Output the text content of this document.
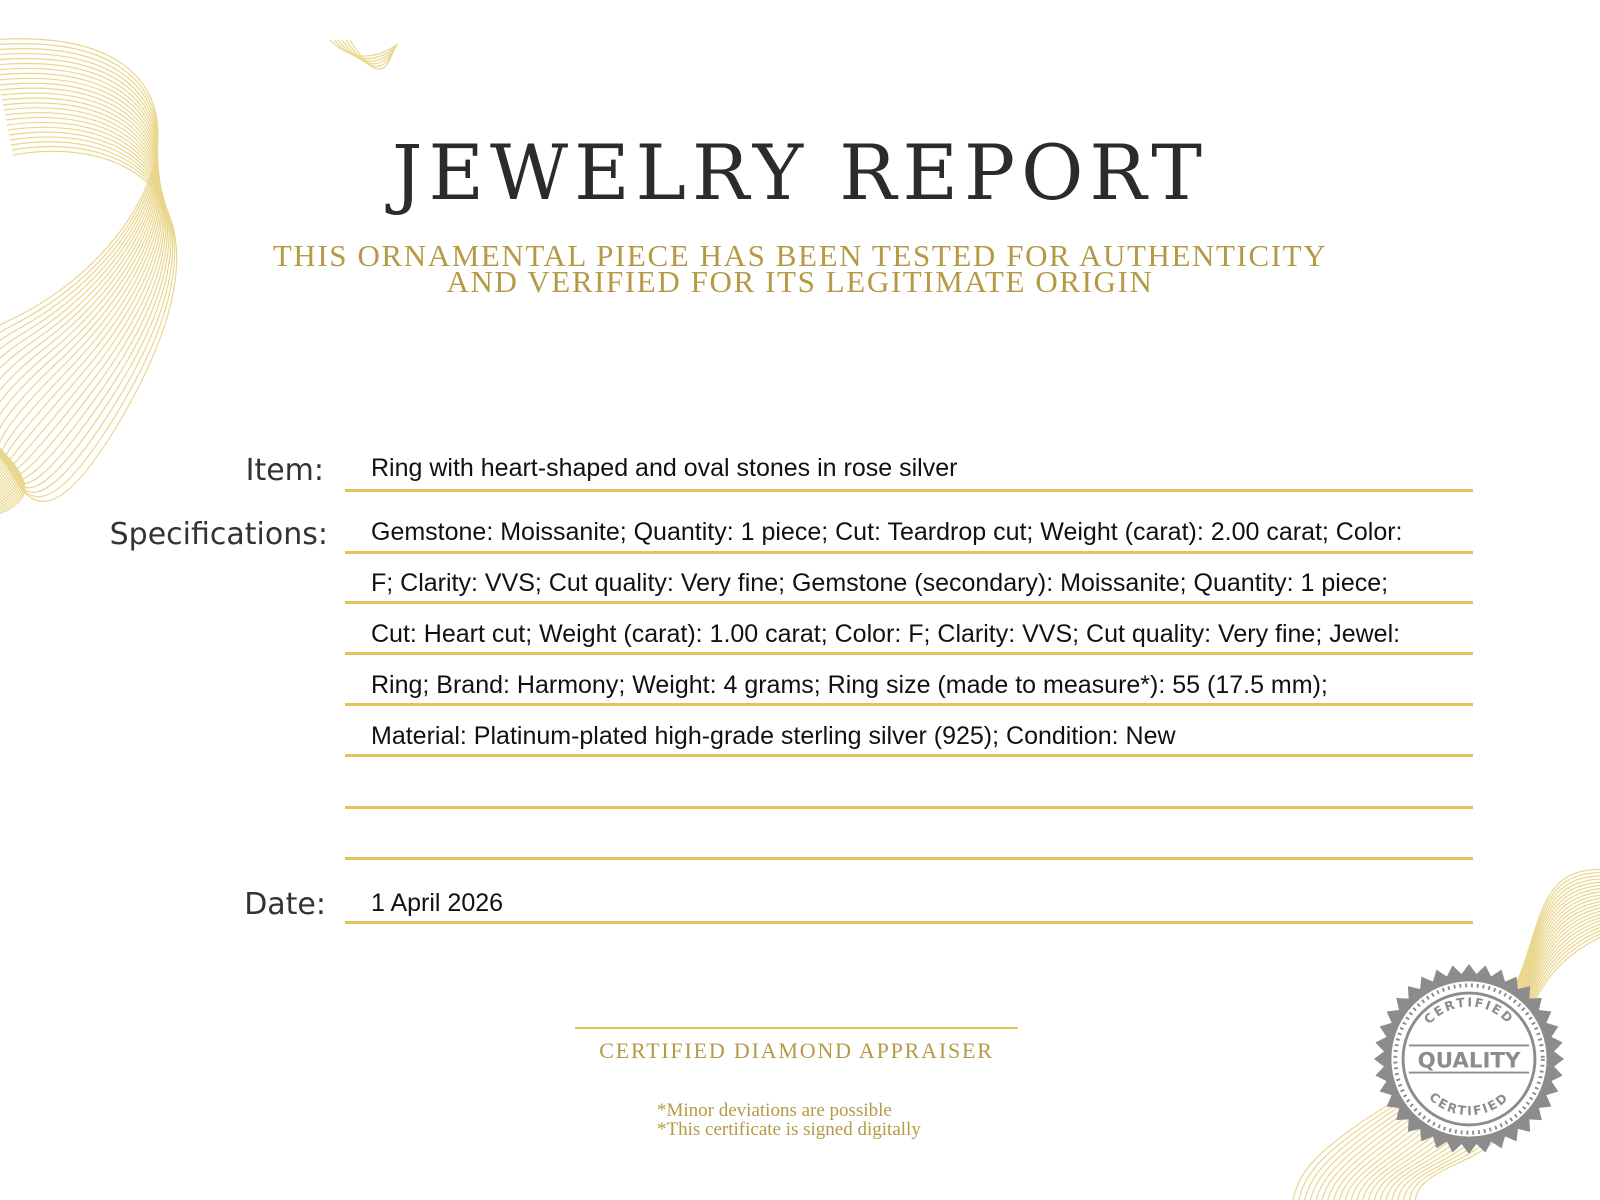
JEWELRY REPORT
THIS ORNAMENTAL PIECE HAS BEEN TESTED FOR AUTHENTICITY
AND VERIFIED FOR ITS LEGITIMATE ORIGIN
Item: Ring with heart-shaped and oval stones in rose silver
Specifications: Gemstone: Moissanite; Quantity: 1 piece; Cut: Teardrop cut; Weight (carat): 2.00 carat; Color:
F; Clarity: VVS; Cut quality: Very fine; Gemstone (secondary): Moissanite; Quantity: 1 piece;
Cut: Heart cut; Weight (carat): 1.00 carat; Color: F; Clarity: VVS; Cut quality: Very fine; Jewel:
Ring; Brand: Harmony; Weight: 4 grams; Ring size (made to measure*): 55 (17.5 mm);
Material: Platinum-plated high-grade sterling silver (925); Condition: New
Date: 1 April 2026
CERTIFIED DIAMOND APPRAISER
*Minor deviations are possible
*This certificate is signed digitally
CERTIFIED
CERTIFIED
QUALITY
